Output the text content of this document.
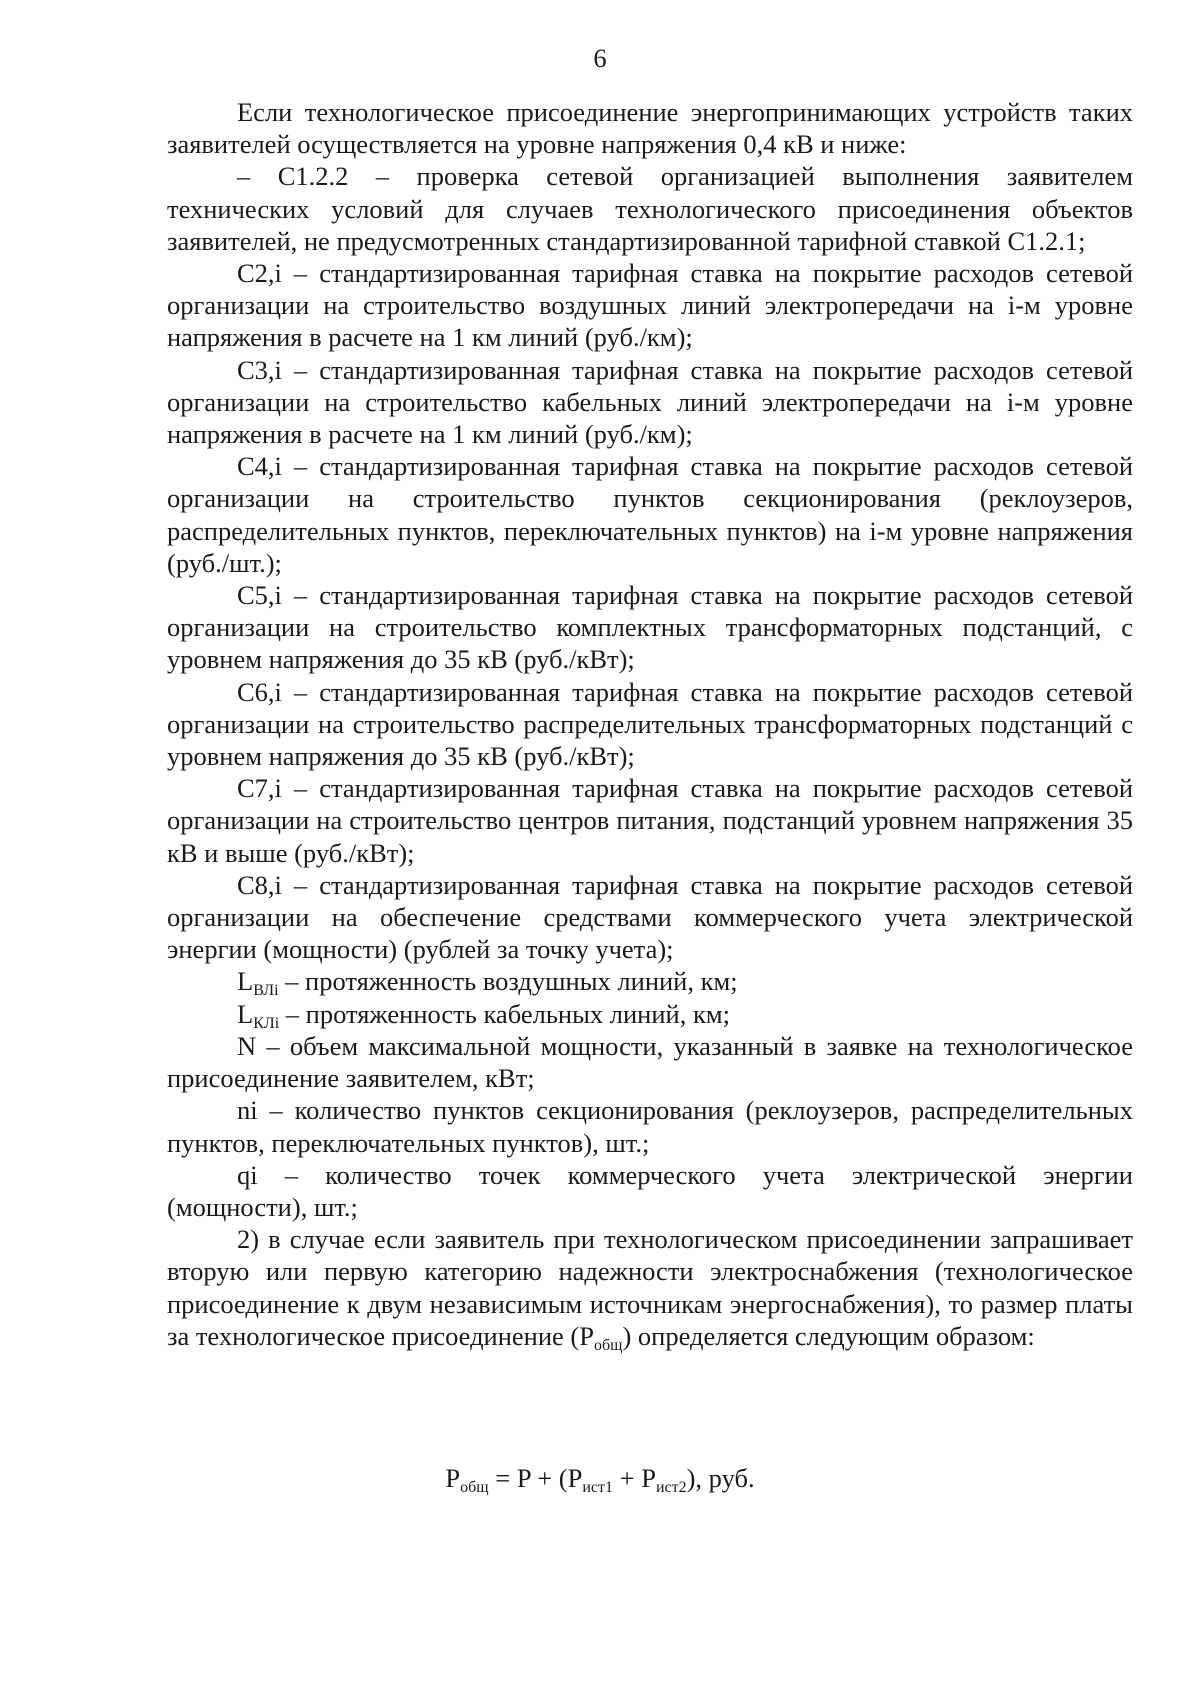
6

Если технологическое присоединение энергопринимающих устройств таких заявителей осуществляется на уровне напряжения 0,4 кВ и ниже:

– С1.2.2 – проверка сетевой организацией выполнения заявителем технических условий для случаев технологического присоединения объектов заявителей, не предусмотренных стандартизированной тарифной ставкой С1.2.1;

С2,i – стандартизированная тарифная ставка на покрытие расходов сетевой организации на строительство воздушных линий электропередачи на i-м уровне напряжения в расчете на 1 км линий (руб./км);

С3,i – стандартизированная тарифная ставка на покрытие расходов сетевой организации на строительство кабельных линий электропередачи на i-м уровне напряжения в расчете на 1 км линий (руб./км);

С4,i – стандартизированная тарифная ставка на покрытие расходов сетевой организации на строительство пунктов секционирования (реклоузеров, распределительных пунктов, переключательных пунктов) на i-м уровне напряжения (руб./шт.);

С5,i – стандартизированная тарифная ставка на покрытие расходов сетевой организации на строительство комплектных трансформаторных подстанций, с уровнем напряжения до 35 кВ (руб./кВт);

С6,i – стандартизированная тарифная ставка на покрытие расходов сетевой организации на строительство распределительных трансформаторных подстанций с уровнем напряжения до 35 кВ (руб./кВт);

С7,i – стандартизированная тарифная ставка на покрытие расходов сетевой организации на строительство центров питания, подстанций уровнем напряжения 35 кВ и выше (руб./кВт);

С8,i – стандартизированная тарифная ставка на покрытие расходов сетевой организации на обеспечение средствами коммерческого учета электрической энергии (мощности) (рублей за точку учета);

$L_{ВЛi}$ – протяженность воздушных линий, км;

$L_{КЛi}$ – протяженность кабельных линий, км;

N – объем максимальной мощности, указанный в заявке на технологическое присоединение заявителем, кВт;

ni – количество пунктов секционирования (реклоузеров, распределительных пунктов, переключательных пунктов), шт.;

qi – количество точек коммерческого учета электрической энергии (мощности), шт.;

2) в случае если заявитель при технологическом присоединении запрашивает вторую или первую категорию надежности электроснабжения (технологическое присоединение к двум независимым источникам энергоснабжения), то размер платы за технологическое присоединение $(P_{общ})$ определяется следующим образом:

$P_{общ} = P + (P_{ист1} + P_{ист2})$, руб.
